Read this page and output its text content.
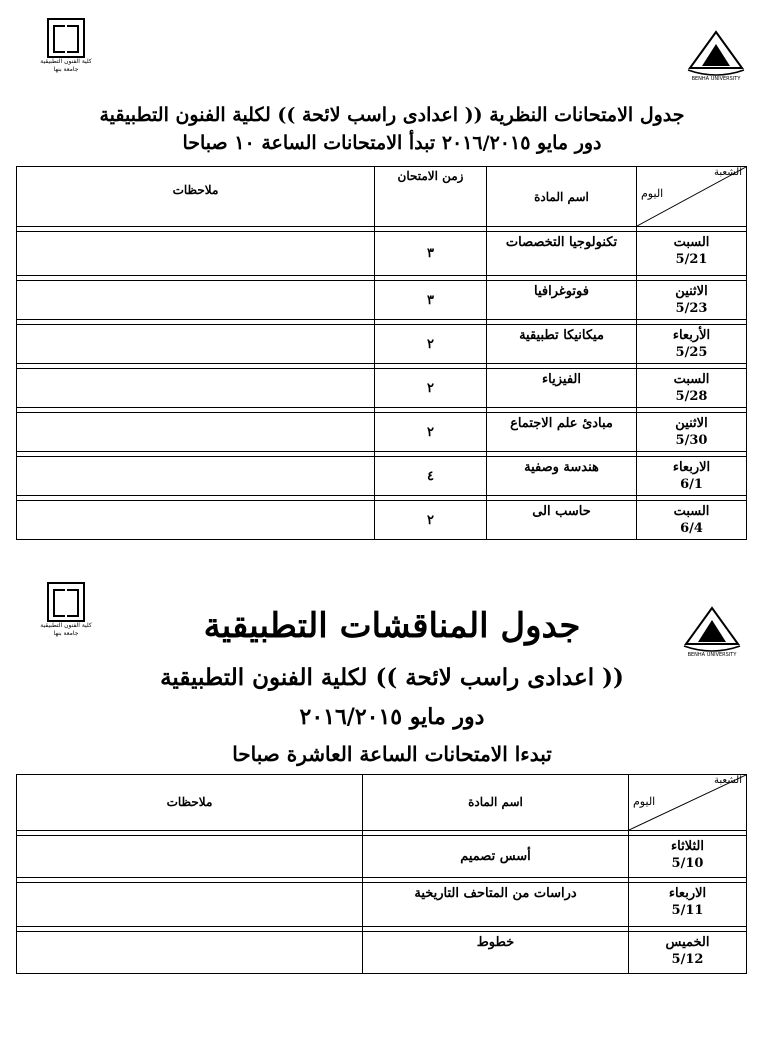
كلية الفنون التطبيقية
جامعة بنها
BENHA UNIVERSITY
جدول الامتحانات النظرية (( اعدادى راسب لائحة )) لكلية الفنون التطبيقية
دور مايو ٢٠١٦/٢٠١٥ تبدأ الامتحانات الساعة ١٠ صباحا
الشعبة
اليوم	اسم المادة	زمن الامتحان	ملاحظات

السبت
5/21	تكنولوجيا التخصصات	٣	

الاثنين
5/23	فوتوغرافيا	٣	

الأربعاء
5/25	ميكانيكا تطبيقية	٢	

السبت
5/28	الفيزياء	٢	

الاثنين
5/30	مبادئ علم الاجتماع	٢	

الاربعاء
6/1	هندسة وصفية	٤	

السبت
6/4	حاسب الى	٢	
كلية الفنون التطبيقية
جامعة بنها
BENHA UNIVERSITY
جدول المناقشات التطبيقية
(( اعدادى راسب لائحة )) لكلية الفنون التطبيقية
دور مايو ٢٠١٦/٢٠١٥
تبدءا الامتحانات الساعة العاشرة صباحا
الشعبة
اليوم	اسم المادة	ملاحظات

الثلاثاء
5/10	أسس تصميم	

الاربعاء
5/11	دراسات من المتاحف التاريخية	

الخميس
5/12	خطوط	
